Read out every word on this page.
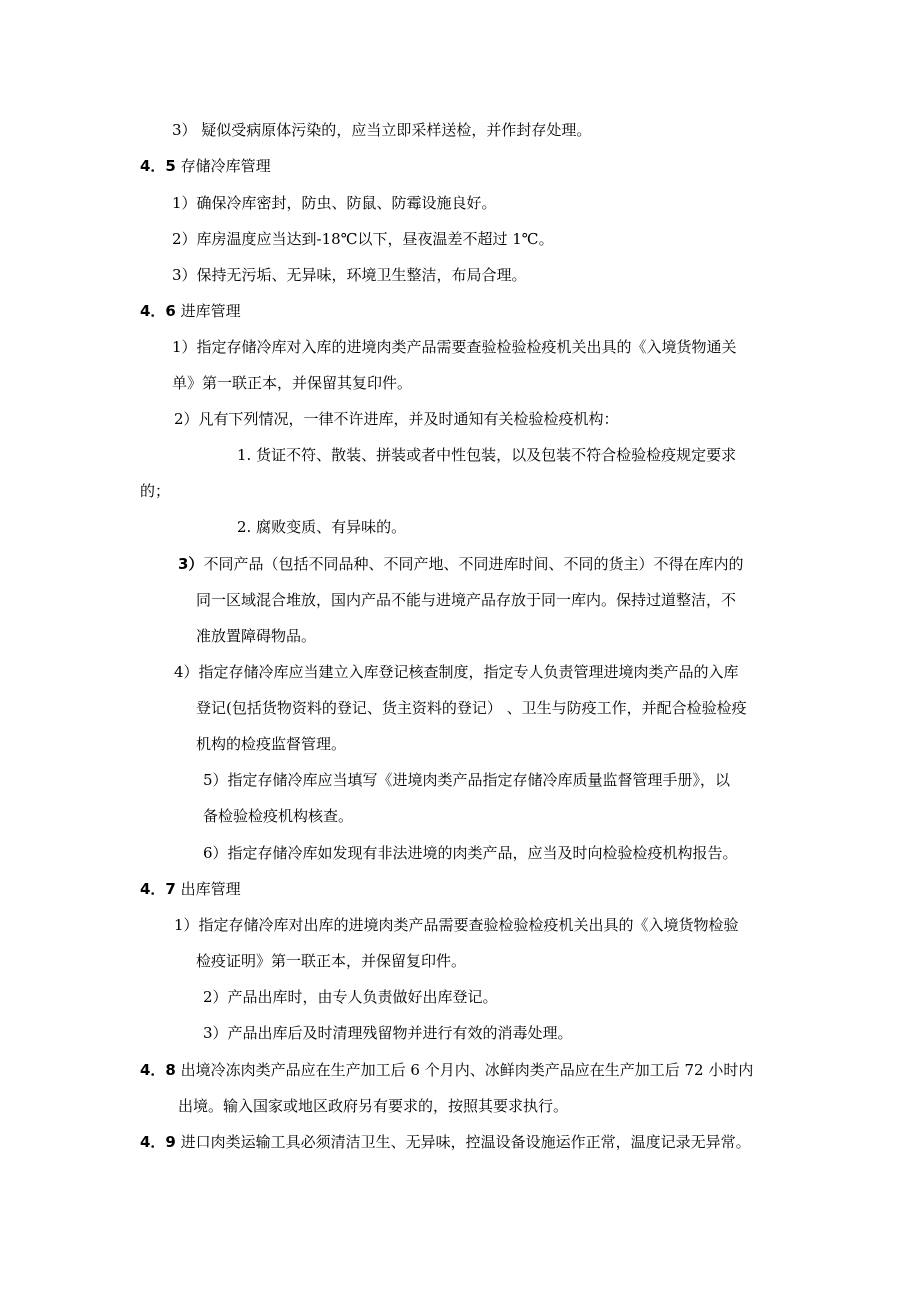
3） 疑似受病原体污染的，应当立即采样送检，并作封存处理。
4．5 存储冷库管理
1）确保冷库密封，防虫、防鼠、防霉设施良好。
2）库房温度应当达到-18℃以下，昼夜温差不超过 1℃。
3）保持无污垢、无异味，环境卫生整洁，布局合理。
4．6 进库管理
1）指定存储冷库对入库的进境肉类产品需要查验检验检疫机关出具的《入境货物通关
单》第一联正本，并保留其复印件。
2）凡有下列情况，一律不许进库，并及时通知有关检验检疫机构：
1. 货证不符、散装、拼装或者中性包装，以及包装不符合检验检疫规定要求
的；
2. 腐败变质、有异味的。
3）不同产品（包括不同品种、不同产地、不同进库时间、不同的货主）不得在库内的
同一区域混合堆放，国内产品不能与进境产品存放于同一库内。保持过道整洁，不
准放置障碍物品。
4）指定存储冷库应当建立入库登记核查制度，指定专人负责管理进境肉类产品的入库
登记(包括货物资料的登记、货主资料的登记） 、卫生与防疫工作，并配合检验检疫
机构的检疫监督管理。
5）指定存储冷库应当填写《进境肉类产品指定存储冷库质量监督管理手册》，以
备检验检疫机构核查。
6）指定存储冷库如发现有非法进境的肉类产品，应当及时向检验检疫机构报告。
4．7 出库管理
1）指定存储冷库对出库的进境肉类产品需要查验检验检疫机关出具的《入境货物检验
检疫证明》第一联正本，并保留复印件。
2）产品出库时，由专人负责做好出库登记。
3）产品出库后及时清理残留物并进行有效的消毒处理。
4．8 出境冷冻肉类产品应在生产加工后 6 个月内、冰鲜肉类产品应在生产加工后 72 小时内
出境。输入国家或地区政府另有要求的，按照其要求执行。
4．9 进口肉类运输工具必须清洁卫生、无异味，控温设备设施运作正常，温度记录无异常。
